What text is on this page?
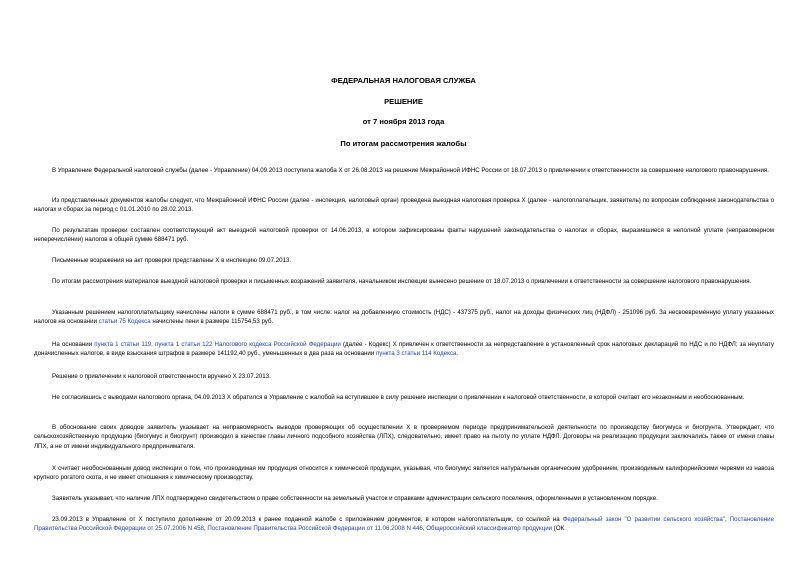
ФЕДЕРАЛЬНАЯ НАЛОГОВАЯ СЛУЖБА
РЕШЕНИЕ
от 7 ноября 2013 года
По итогам рассмотрения жалобы
В Управление Федеральной налоговой службы (далее - Управление) 04.09.2013 поступила жалоба Х от 26.08.2013 на решение Межрайонной ИФНС России от 18.07.2013 о привлечении к ответственности за совершение налогового правонарушения.
Из представленных документов жалобы следует, что Межрайонной ИФНС России (далее - инспекция, налоговый орган) проведена выездная налоговая проверка Х (далее - налогоплательщик, заявитель) по вопросам соблюдения законодательства о налогах и сборах за период с 01.01.2010 по 28.02.2013.
По результатам проверки составлен соответствующий акт выездной налоговой проверки от 14.06.2013, в котором зафиксированы факты нарушений законодательства о налогах и сборах, выразившиеся в неполной уплате (неправомерном неперечислении) налогов в общей сумме 688471 руб.
Письменные возражения на акт проверки представлены Х в инспекцию 09.07.2013.
По итогам рассмотрения материалов выездной налоговой проверки и письменных возражений заявителя, начальником инспекции вынесено решение от 18.07.2013 о привлечении к ответственности за совершение налогового правонарушения.
Указанным решением налогоплательщику начислены налоги в сумме 688471 руб., в том числе: налог на добавленную стоимость (НДС) - 437375 руб., налог на доходы физических лиц (НДФЛ) - 251096 руб. За несвоевременную уплату указанных налогов на основании статьи 75 Кодекса начислены пени в размере 115754,53 руб.
На основании пункта 1 статьи 119, пункта 1 статьи 122 Налогового кодекса Российской Федерации (далее - Кодекс) Х привлечен к ответственности за непредставление в установленный срок налоговых деклараций по НДС и по НДФЛ; за неуплату доначисленных налогов, в виде взыскания штрафов в размере 141192,40 руб., уменьшенных в два раза на основании пункта 3 статьи 114 Кодекса.
Решение о привлечении к налоговой ответственности вручено Х 23.07.2013.
Не согласившись с выводами налогового органа, 04.09.2013 Х обратился в Управление с жалобой на вступившее в силу решение инспекции о привлечении к налоговой ответственности, в которой считает его незаконным и необоснованным.
В обоснование своих доводов заявитель указывает на неправомерность выводов проверяющих об осуществлении Х в проверяемом периоде предпринимательской деятельности по производству биогумуса и биогрунта. Утверждает, что сельскохозяйственную продукцию (биогумус и биогрунт) производил в качестве главы личного подсобного хозяйства (ЛПХ), следовательно, имеет право на льготу по уплате НДФЛ. Договоры на реализацию продукции заключались также от имени главы ЛПХ, а не от имени индивидуального предпринимателя.
Х считает необоснованным довод инспекции о том, что производимая им продукция относится к химической продукции, указывая, что биогумус является натуральным органическим удобрением, производимым калифорнийскими червями из навоза крупного рогатого скота, и не имеет отношения к химическому производству.
Заявитель указывает, что наличие ЛПХ подтверждено свидетельством о праве собственности на земельный участок и справками администрации сельского поселения, оформленными в установленном порядке.
23.09.2013 в Управление от Х поступило дополнение от 20.09.2013 к ранее поданной жалобе с приложением документов, в котором налогоплательщик, со ссылкой на Федеральный закон "О развитии сельского хозяйства", Постановление Правительства Российской Федерации от 25.07.2006 N 458, Постановление Правительства Российской Федерации от 11.06.2008 N 446, Общероссийский классификатор продукции (ОК
